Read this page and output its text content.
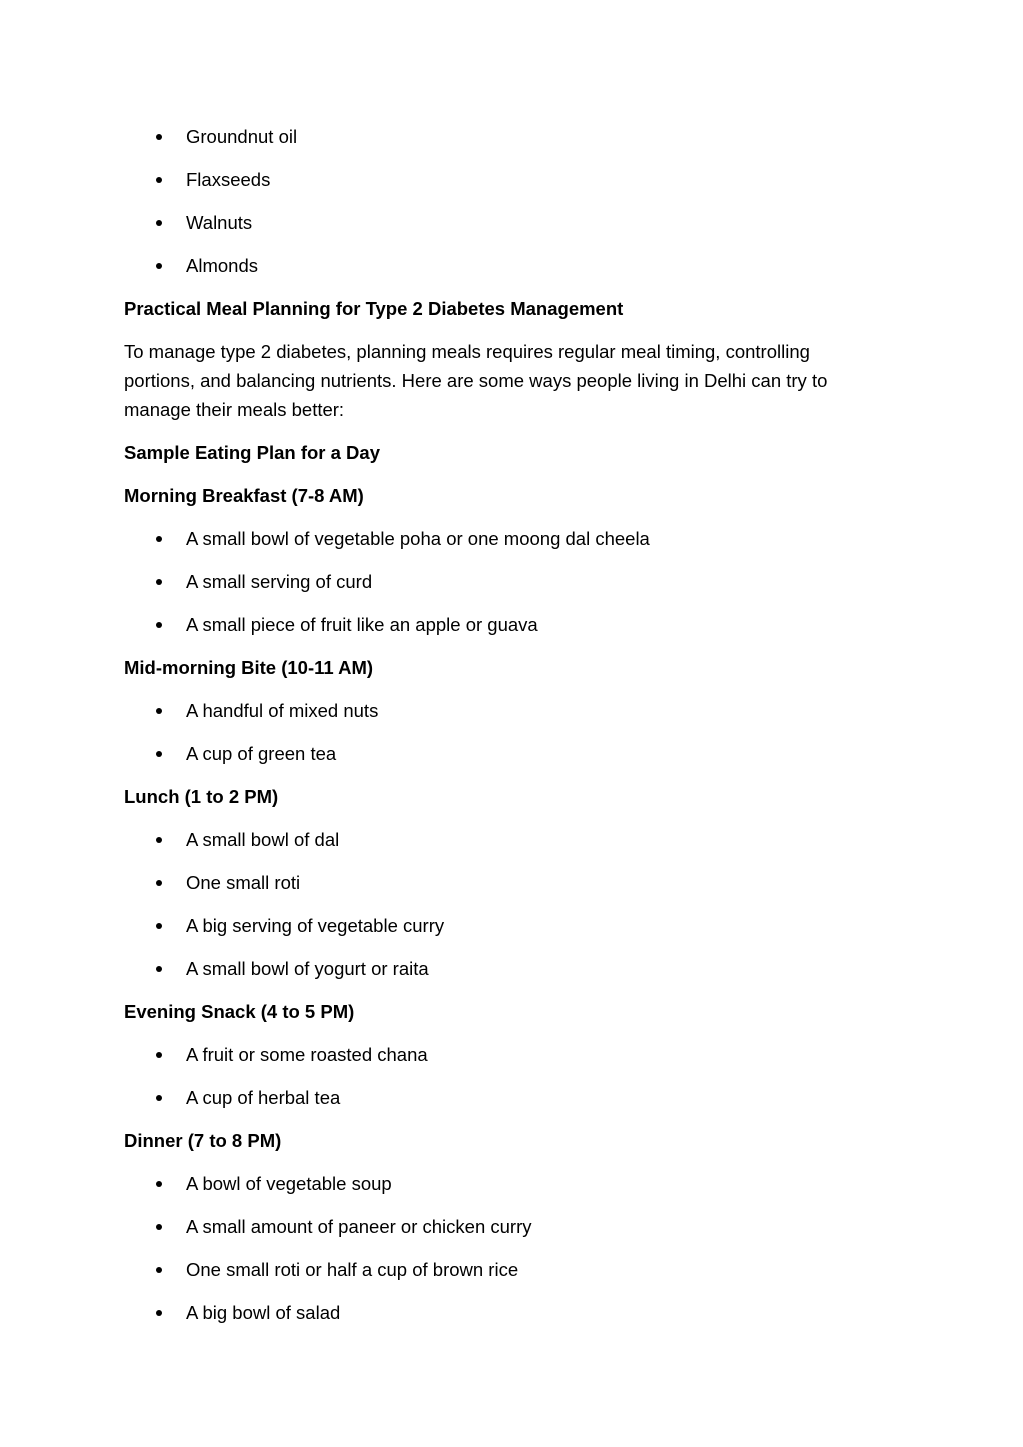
Groundnut oil
Flaxseeds
Walnuts
Almonds
Practical Meal Planning for Type 2 Diabetes Management

To manage type 2 diabetes, planning meals requires regular meal timing, controlling portions, and balancing nutrients. Here are some ways people living in Delhi can try to manage their meals better:

Sample Eating Plan for a Day
Morning Breakfast (7-8 AM)
A small bowl of vegetable poha or one moong dal cheela
A small serving of curd
A small piece of fruit like an apple or guava
Mid-morning Bite (10-11 AM)
A handful of mixed nuts
A cup of green tea
Lunch (1 to 2 PM)
A small bowl of dal
One small roti
A big serving of vegetable curry
A small bowl of yogurt or raita
Evening Snack (4 to 5 PM)
A fruit or some roasted chana
A cup of herbal tea
Dinner (7 to 8 PM)
A bowl of vegetable soup
A small amount of paneer or chicken curry
One small roti or half a cup of brown rice
A big bowl of salad
